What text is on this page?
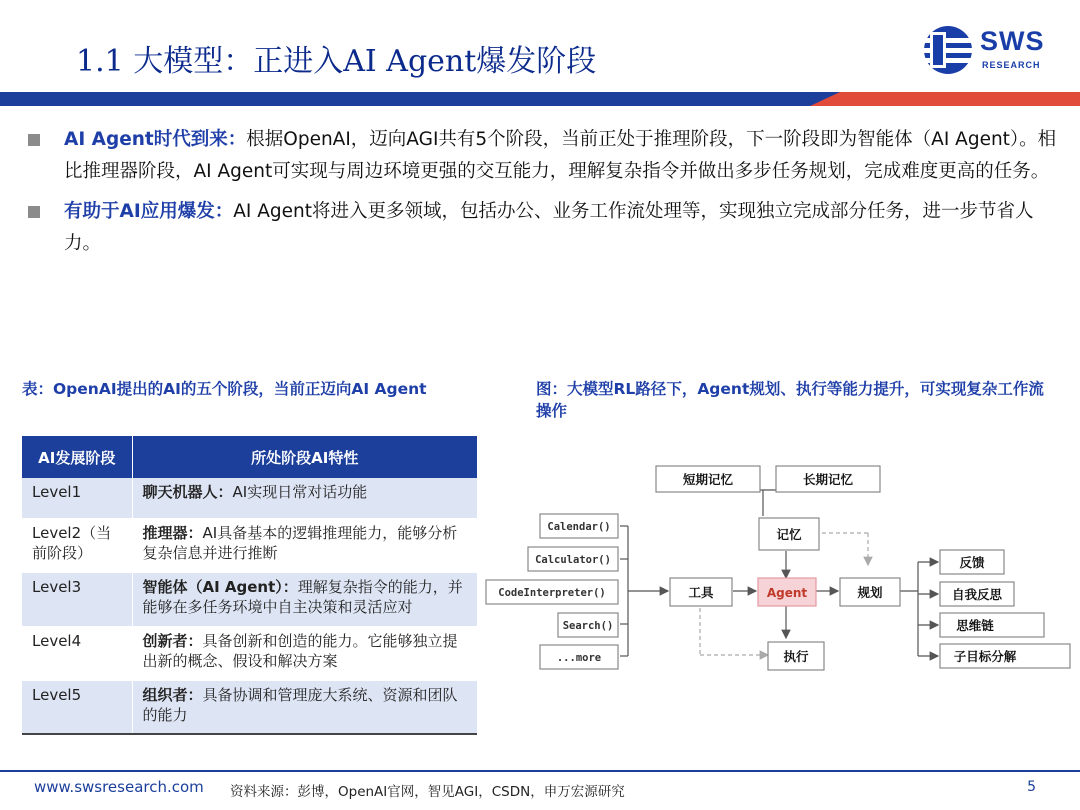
1.1 大模型：正进入AI Agent爆发阶段
SWS
RESEARCH
AI Agent时代到来：根据OpenAI，迈向AGI共有5个阶段，当前正处于推理阶段，下一阶段即为智能体（AI Agent）。相比推理器阶段，AI Agent可实现与周边环境更强的交互能力，理解复杂指令并做出多步任务规划，完成难度更高的任务。
有助于AI应用爆发：AI Agent将进入更多领域，包括办公、业务工作流处理等，实现独立完成部分任务，进一步节省人力。
表：OpenAI提出的AI的五个阶段，当前正迈向AI Agent	图：大模型RL路径下，Agent规划、执行等能力提升，可实现复杂工作流操作
AI发展阶段	所处阶段AI特性
Level1	聊天机器人：AI实现日常对话功能
Level2（当前阶段）	推理器：AI具备基本的逻辑推理能力，能够分析复杂信息并进行推断
Level3	智能体（AI Agent）：理解复杂指令的能力，并能够在多任务环境中自主决策和灵活应对
Level4	创新者：具备创新和创造的能力。它能够独立提出新的概念、假设和解决方案
Level5	组织者：具备协调和管理庞大系统、资源和团队的能力
短期记忆	长期记忆
记忆
Calendar()
Calculator()
CodeInterpreter()
Search()
...more
工具	Agent	规划
执行
反馈
自我反思
思维链
子目标分解
www.swsresearch.com 资料来源：彭博，OpenAI官网，智见AGI，CSDN，申万宏源研究	5
